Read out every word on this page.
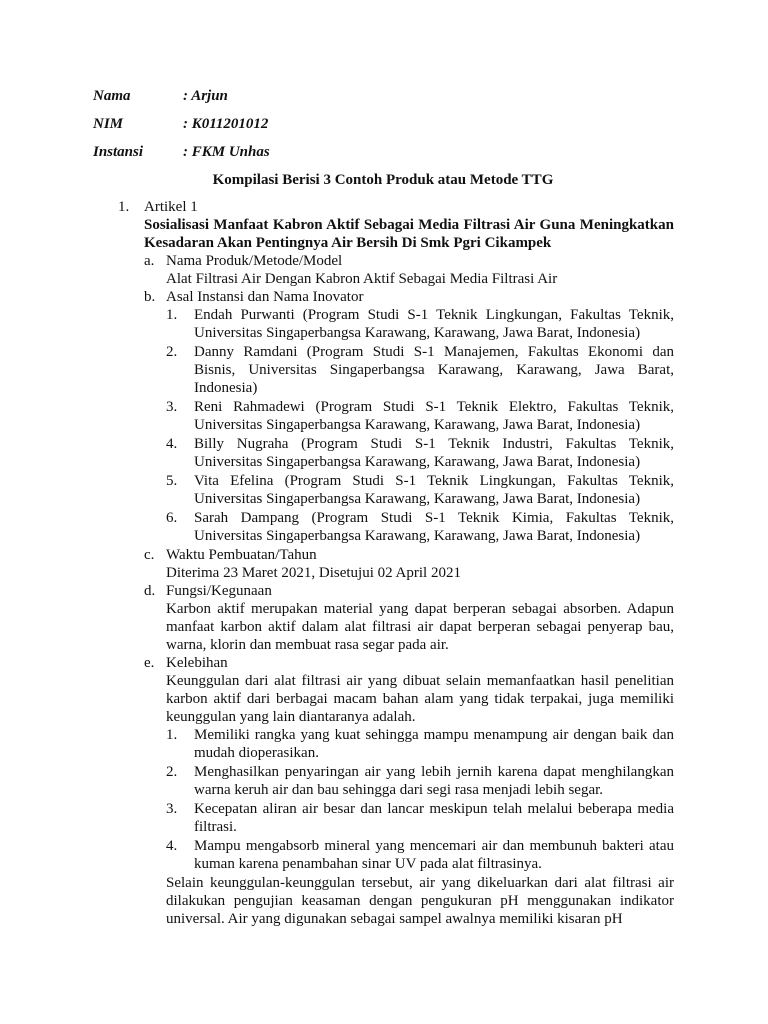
Nama	: Arjun
NIM	: K011201012
Instansi	: FKM Unhas
Kompilasi Berisi 3 Contoh Produk atau Metode TTG
1. Artikel 1
Sosialisasi Manfaat Kabron Aktif Sebagai Media Filtrasi Air Guna Meningkatkan Kesadaran Akan Pentingnya Air Bersih Di Smk Pgri Cikampek
a. Nama Produk/Metode/Model
Alat Filtrasi Air Dengan Kabron Aktif Sebagai Media Filtrasi Air
b. Asal Instansi dan Nama Inovator
1. Endah Purwanti (Program Studi S-1 Teknik Lingkungan, Fakultas Teknik, Universitas Singaperbangsa Karawang, Karawang, Jawa Barat, Indonesia)
2. Danny Ramdani (Program Studi S-1 Manajemen, Fakultas Ekonomi dan Bisnis, Universitas Singaperbangsa Karawang, Karawang, Jawa Barat, Indonesia)
3. Reni Rahmadewi (Program Studi S-1 Teknik Elektro, Fakultas Teknik, Universitas Singaperbangsa Karawang, Karawang, Jawa Barat, Indonesia)
4. Billy Nugraha (Program Studi S-1 Teknik Industri, Fakultas Teknik, Universitas Singaperbangsa Karawang, Karawang, Jawa Barat, Indonesia)
5. Vita Efelina (Program Studi S-1 Teknik Lingkungan, Fakultas Teknik, Universitas Singaperbangsa Karawang, Karawang, Jawa Barat, Indonesia)
6. Sarah Dampang (Program Studi S-1 Teknik Kimia, Fakultas Teknik, Universitas Singaperbangsa Karawang, Karawang, Jawa Barat, Indonesia)
c. Waktu Pembuatan/Tahun
Diterima 23 Maret 2021, Disetujui 02 April 2021
d. Fungsi/Kegunaan
Karbon aktif merupakan material yang dapat berperan sebagai absorben. Adapun manfaat karbon aktif dalam alat filtrasi air dapat berperan sebagai penyerap bau, warna, klorin dan membuat rasa segar pada air.
e. Kelebihan
Keunggulan dari alat filtrasi air yang dibuat selain memanfaatkan hasil penelitian karbon aktif dari berbagai macam bahan alam yang tidak terpakai, juga memiliki keunggulan yang lain diantaranya adalah.
1. Memiliki rangka yang kuat sehingga mampu menampung air dengan baik dan mudah dioperasikan.
2. Menghasilkan penyaringan air yang lebih jernih karena dapat menghilangkan warna keruh air dan bau sehingga dari segi rasa menjadi lebih segar.
3. Kecepatan aliran air besar dan lancar meskipun telah melalui beberapa media filtrasi.
4. Mampu mengabsorb mineral yang mencemari air dan membunuh bakteri atau kuman karena penambahan sinar UV pada alat filtrasinya.
Selain keunggulan-keunggulan tersebut, air yang dikeluarkan dari alat filtrasi air dilakukan pengujian keasaman dengan pengukuran pH menggunakan indikator universal. Air yang digunakan sebagai sampel awalnya memiliki kisaran pH
